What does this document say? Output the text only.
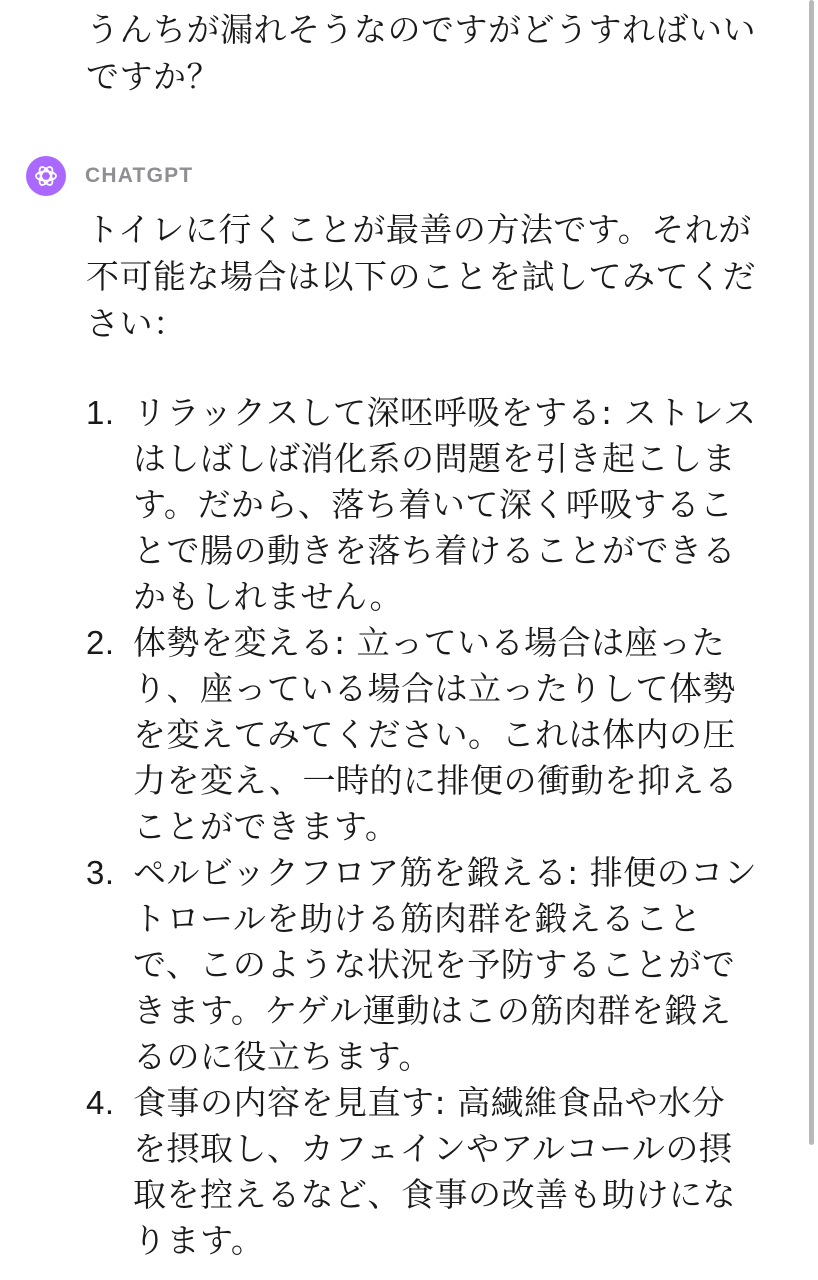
うんちが漏れそうなのですがどうすればいいですか？
CHATGPT

トイレに行くことが最善の方法です。それが不可能な場合は以下のことを試してみてください：

1. リラックスして深呸呼吸をする: ストレスはしばしば消化系の問題を引き起こします。だから、落ち着いて深く呼吸することで腸の動きを落ち着けることができるかもしれません。
2. 体勢を変える: 立っている場合は座ったり、座っている場合は立ったりして体勢を変えてみてください。これは体内の圧力を変え、一時的に排便の衝動を抑えることができます。
3. ペルビックフロア筋を鍛える: 排便のコントロールを助ける筋肉群を鍛えることで、このような状況を予防することができます。ケゲル運動はこの筋肉群を鍛えるのに役立ちます。
4. 食事の内容を見直す: 高繊維食品や水分を摂取し、カフェインやアルコールの摂取を控えるなど、食事の改善も助けになります。
